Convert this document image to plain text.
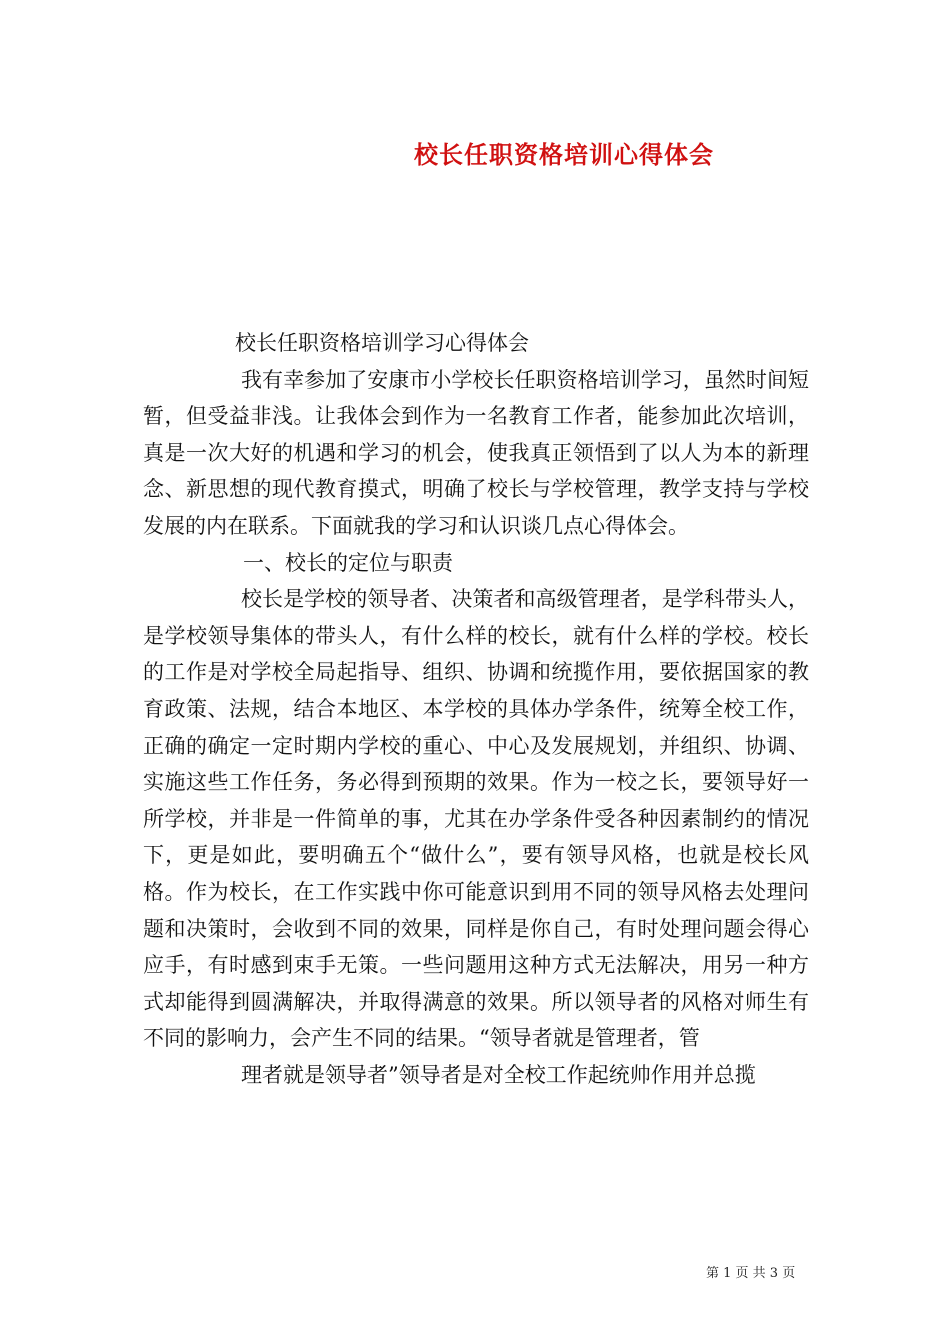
校长任职资格培训心得体会

校长任职资格培训学习心得体会

我有幸参加了安康市小学校长任职资格培训学习，虽然时间短暂，但受益非浅。让我体会到作为一名教育工作者，能参加此次培训，真是一次大好的机遇和学习的机会，使我真正领悟到了以人为本的新理念、新思想的现代教育摸式，明确了校长与学校管理，教学支持与学校发展的内在联系。下面就我的学习和认识谈几点心得体会。

一、校长的定位与职责

校长是学校的领导者、决策者和高级管理者，是学科带头人，是学校领导集体的带头人，有什么样的校长，就有什么样的学校。校长的工作是对学校全局起指导、组织、协调和统揽作用，要依据国家的教育政策、法规，结合本地区、本学校的具体办学条件，统筹全校工作，正确的确定一定时期内学校的重心、中心及发展规划，并组织、协调、实施这些工作任务，务必得到预期的效果。作为一校之长，要领导好一所学校，并非是一件简单的事，尤其在办学条件受各种因素制约的情况下，更是如此，要明确五个“做什么”，要有领导风格，也就是校长风格。作为校长，在工作实践中你可能意识到用不同的领导风格去处理问题和决策时，会收到不同的效果，同样是你自己，有时处理问题会得心应手，有时感到束手无策。一些问题用这种方式无法解决，用另一种方式却能得到圆满解决，并取得满意的效果。所以领导者的风格对师生有不同的影响力，会产生不同的结果。“领导者就是管理者，管

理者就是领导者”领导者是对全校工作起统帅作用并总揽

第 1 页 共 3 页
